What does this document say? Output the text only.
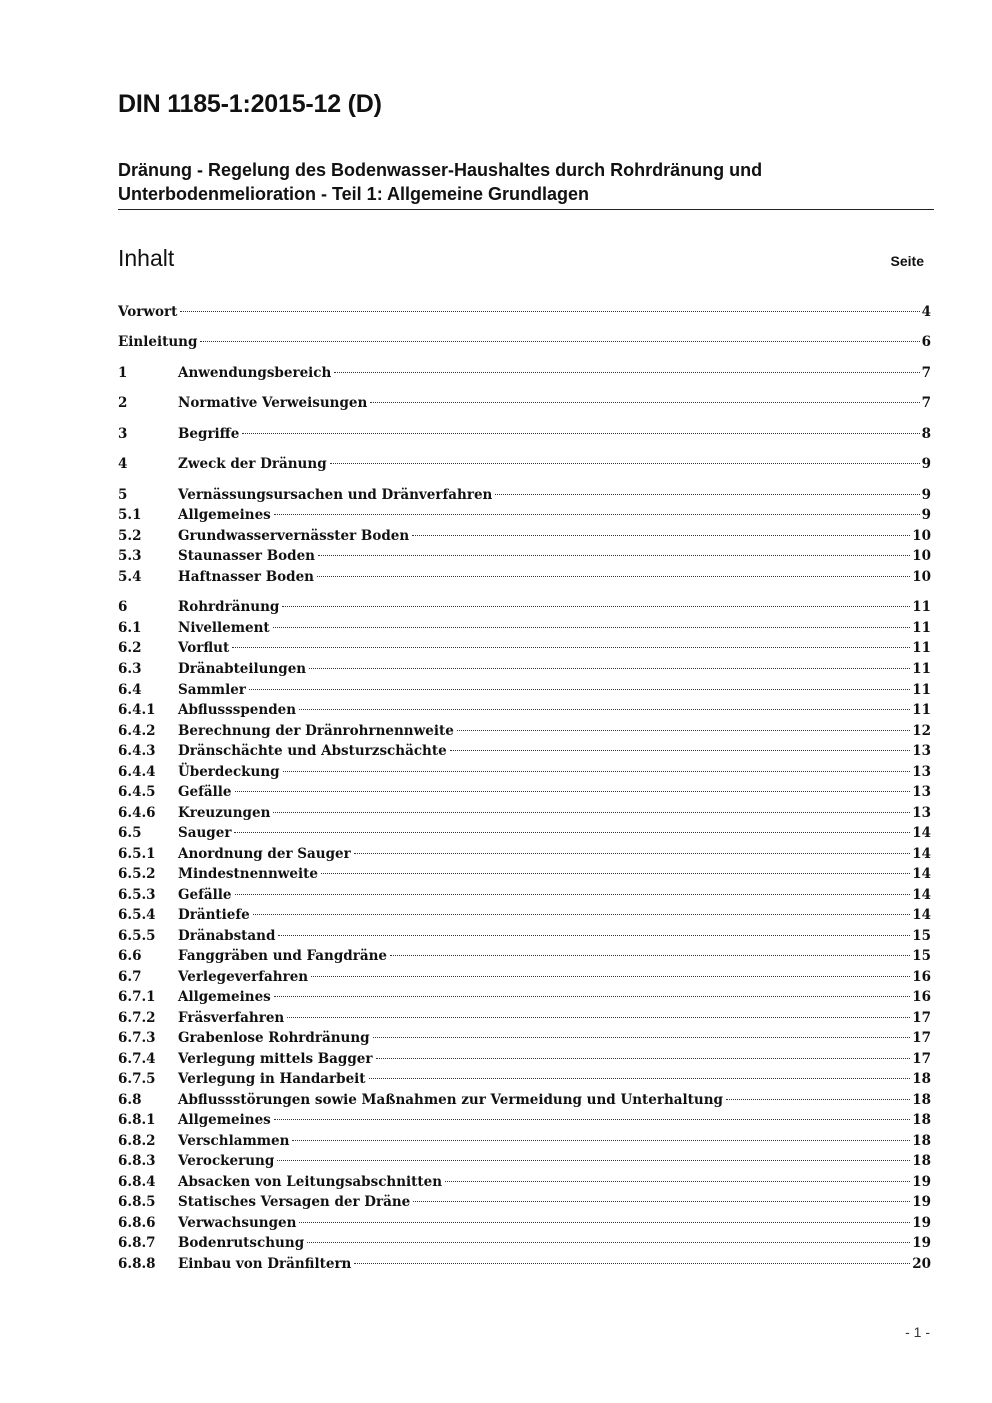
DIN 1185-1:2015-12 (D)
Dränung - Regelung des Bodenwasser-Haushaltes durch Rohrdränung und Unterbodenmelioration - Teil 1: Allgemeine Grundlagen
Inhalt	Seite
Vorwort	4
Einleitung	6
1	Anwendungsbereich	7
2	Normative Verweisungen	7
3	Begriffe	8
4	Zweck der Dränung	9
5	Vernässungsursachen und Dränverfahren	9
5.1	Allgemeines	9
5.2	Grundwasservernässter Boden	10
5.3	Staunasser Boden	10
5.4	Haftnasser Boden	10
6	Rohrdränung	11
6.1	Nivellement	11
6.2	Vorflut	11
6.3	Dränabteilungen	11
6.4	Sammler	11
6.4.1	Abflussspenden	11
6.4.2	Berechnung der Dränrohrnennweite	12
6.4.3	Dränschächte und Absturzschächte	13
6.4.4	Überdeckung	13
6.4.5	Gefälle	13
6.4.6	Kreuzungen	13
6.5	Sauger	14
6.5.1	Anordnung der Sauger	14
6.5.2	Mindestnennweite	14
6.5.3	Gefälle	14
6.5.4	Dräntiefe	14
6.5.5	Dränabstand	15
6.6	Fanggräben und Fangdräne	15
6.7	Verlegeverfahren	16
6.7.1	Allgemeines	16
6.7.2	Fräsverfahren	17
6.7.3	Grabenlose Rohrdränung	17
6.7.4	Verlegung mittels Bagger	17
6.7.5	Verlegung in Handarbeit	18
6.8	Abflussstörungen sowie Maßnahmen zur Vermeidung und Unterhaltung	18
6.8.1	Allgemeines	18
6.8.2	Verschlammen	18
6.8.3	Verockerung	18
6.8.4	Absacken von Leitungsabschnitten	19
6.8.5	Statisches Versagen der Dräne	19
6.8.6	Verwachsungen	19
6.8.7	Bodenrutschung	19
6.8.8	Einbau von Dränfiltern	20
- 1 -
